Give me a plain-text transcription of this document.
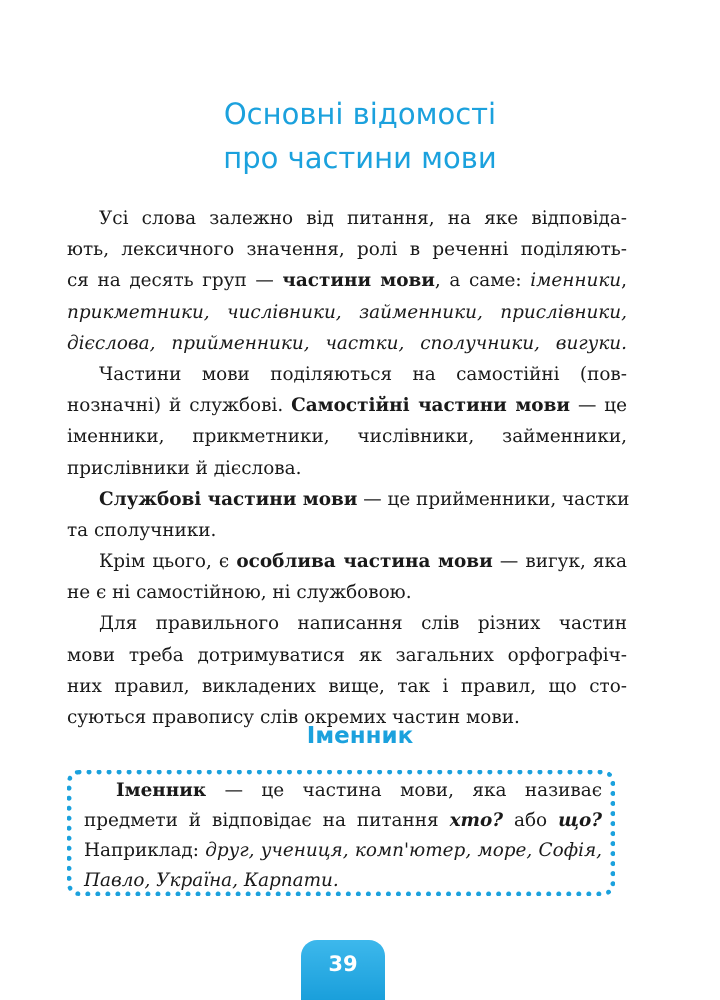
Основні відомості
про частини мови
Усі слова залежно від питання, на яке відповіда-
ють, лексичного значення, ролі в реченні поділяють-
ся на десять груп — частини мови, а саме: іменники,
прикметники, числівники, займенники, прислівники,
дієслова, прийменники, частки, сполучники, вигуки.
Частини мови поділяються на самостійні (пов-
нозначні) й службові. Самостійні частини мови — це
іменники, прикметники, числівники, займенники,
прислівники й дієслова.
Службові частини мови — це прийменники, частки
та сполучники.
Крім цього, є особлива частина мови — вигук, яка
не є ні самостійною, ні службовою.
Для правильного написання слів різних частин
мови треба дотримуватися як загальних орфографіч-
них правил, викладених вище, так і правил, що сто-
суються правопису слів окремих частин мови.
Іменник
Іменник — це частина мови, яка називає
предмети й відповідає на питання хто? або що?
Наприклад: друг, учениця, комп'ютер, море, Софія,
Павло, Україна, Карпати.
39
